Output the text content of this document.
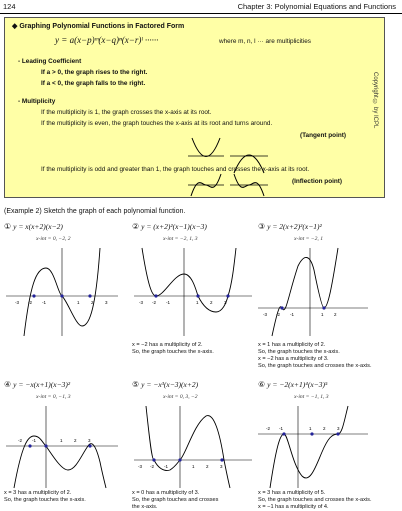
124	Chapter 3: Polynomial Equations and Functions
◆ Graphing Polynomial Functions in Factored Form
y = a(x−p)ᵐ(x−q)ⁿ(x−r)ˡ ······	where m, n, l ··· are multiplicities
- Leading Coefficient
If a > 0, the graph rises to the right.
If a < 0, the graph falls to the right.
- Multiplicity
If the multiplicity is 1, the graph crosses the x-axis at its root.
If the multiplicity is even, the graph touches the x-axis at its root and turns around.
(Tangent point)
If the multiplicity is odd and greater than 1, the graph touches and crosses the x-axis at its root.
(Inflection point)
Copyright © by ICPL
(Example 2) Sketch the graph of each polynomial function.
① y = x(x+2)(x−2)
x-int = 0, −2, 2
-3 -2 -1	1	2	3
② y = (x+2)²(x−1)(x−3)
x-int = −2, 1, 3
-3 -2 -1	1	2	3
x = −2 has a multiplicity of 2.
So, the graph touches the x-axis.
③ y = 2(x+2)²(x−1)²
x-int = −2, 1
-3 -2 -1	1 2
x = 1 has a multiplicity of 2.
So, the graph touches the x-axis.
x = −2 has a multiplicity of 3.
So, the graph touches and crosses the x-axis.
④ y = −x(x+1)(x−3)²
x-int = 0, −1, 3
-2 -1	1	2	3
x = 3 has a multiplicity of 2.
So, the graph touches the x-axis.
⑤ y = −x³(x−3)(x+2)
x-int = 0, 3, −2
-3 -2 -1	1	2	3
x = 0 has a multiplicity of 3.
So, the graph touches and crosses
the x-axis.
⑥ y = −2(x+1)⁴(x−3)⁵
x-int = −1, 1, 3
-2 -1	1	2	3
x = 3 has a multiplicity of 5.
So, the graph touches and crosses the x-axis.
x = −1 has a multiplicity of 4.
